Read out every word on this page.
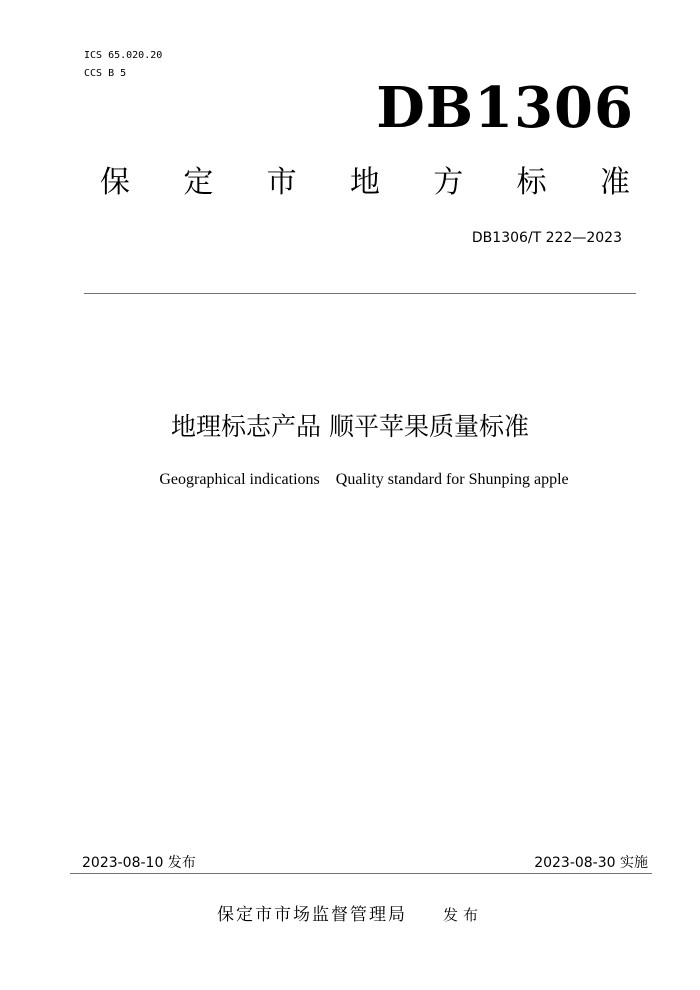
ICS 65.020.20
CCS B 5
DB1306
保 定 市 地 方 标 准
DB1306/T 222—2023
地理标志产品 顺平苹果质量标准
Geographical indications    Quality standard for Shunping apple
2023-08-10 发布	2023-08-30 实施
保定市市场监督管理局 发布
